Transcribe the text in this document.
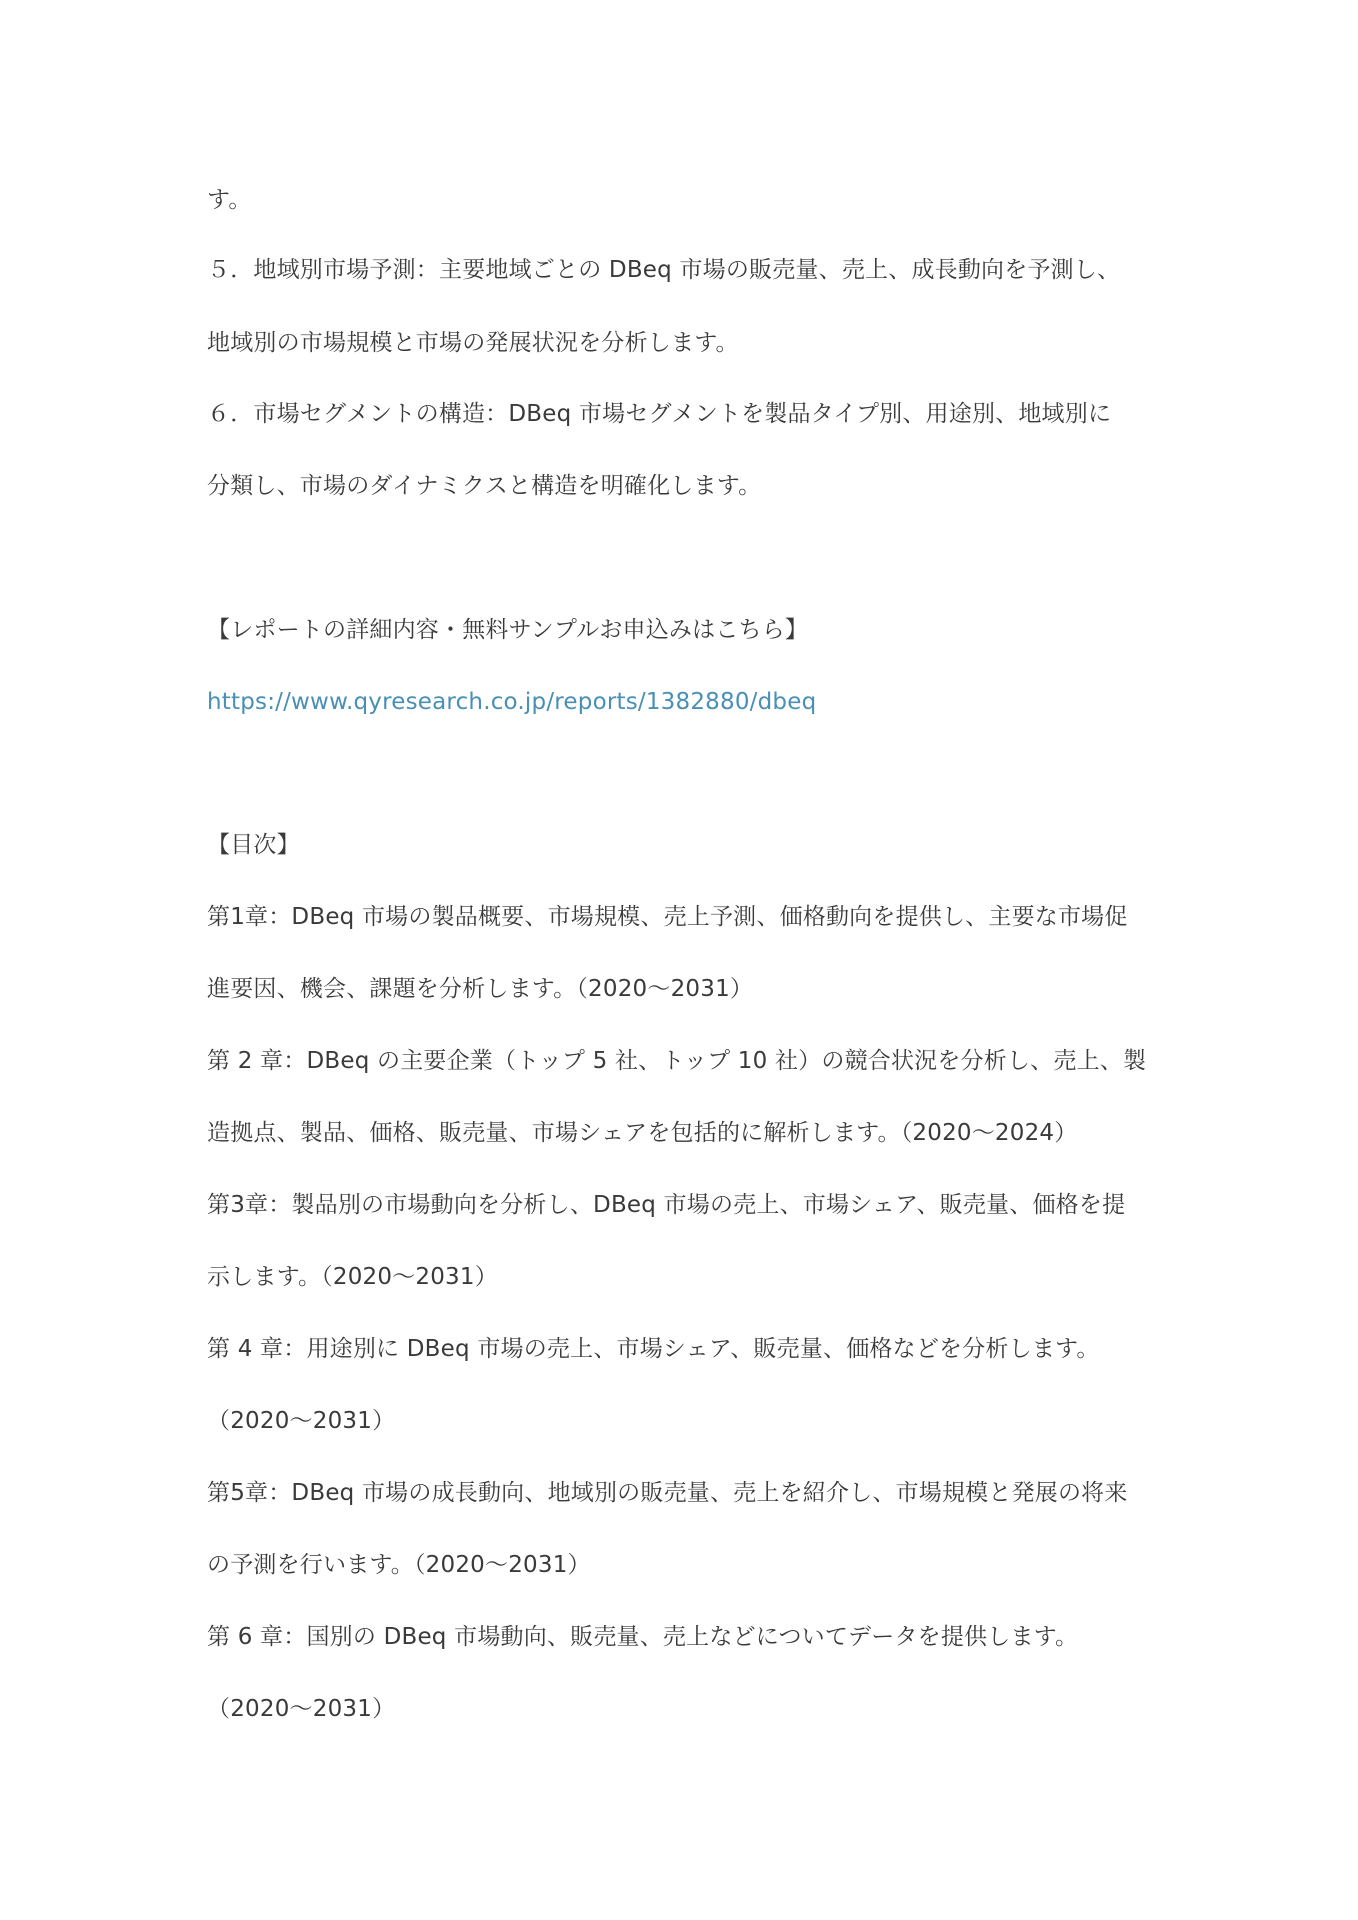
す。
５．地域別市場予測：主要地域ごとの DBeq 市場の販売量、売上、成長動向を予測し、
地域別の市場規模と市場の発展状況を分析します。
６．市場セグメントの構造：DBeq 市場セグメントを製品タイプ別、用途別、地域別に
分類し、市場のダイナミクスと構造を明確化します。
【レポートの詳細内容・無料サンプルお申込みはこちら】
https://www.qyresearch.co.jp/reports/1382880/dbeq
【目次】
第1章：DBeq 市場の製品概要、市場規模、売上予測、価格動向を提供し、主要な市場促
進要因、機会、課題を分析します。（2020～2031）
第 2 章：DBeq の主要企業（トップ 5 社、トップ 10 社）の競合状況を分析し、売上、製
造拠点、製品、価格、販売量、市場シェアを包括的に解析します。（2020～2024）
第3章：製品別の市場動向を分析し、DBeq 市場の売上、市場シェア、販売量、価格を提
示します。（2020～2031）
第 4 章：用途別に DBeq 市場の売上、市場シェア、販売量、価格などを分析します。
（2020～2031）
第5章：DBeq 市場の成長動向、地域別の販売量、売上を紹介し、市場規模と発展の将来
の予測を行います。（2020～2031）
第 6 章：国別の DBeq 市場動向、販売量、売上などについてデータを提供します。
（2020～2031）
